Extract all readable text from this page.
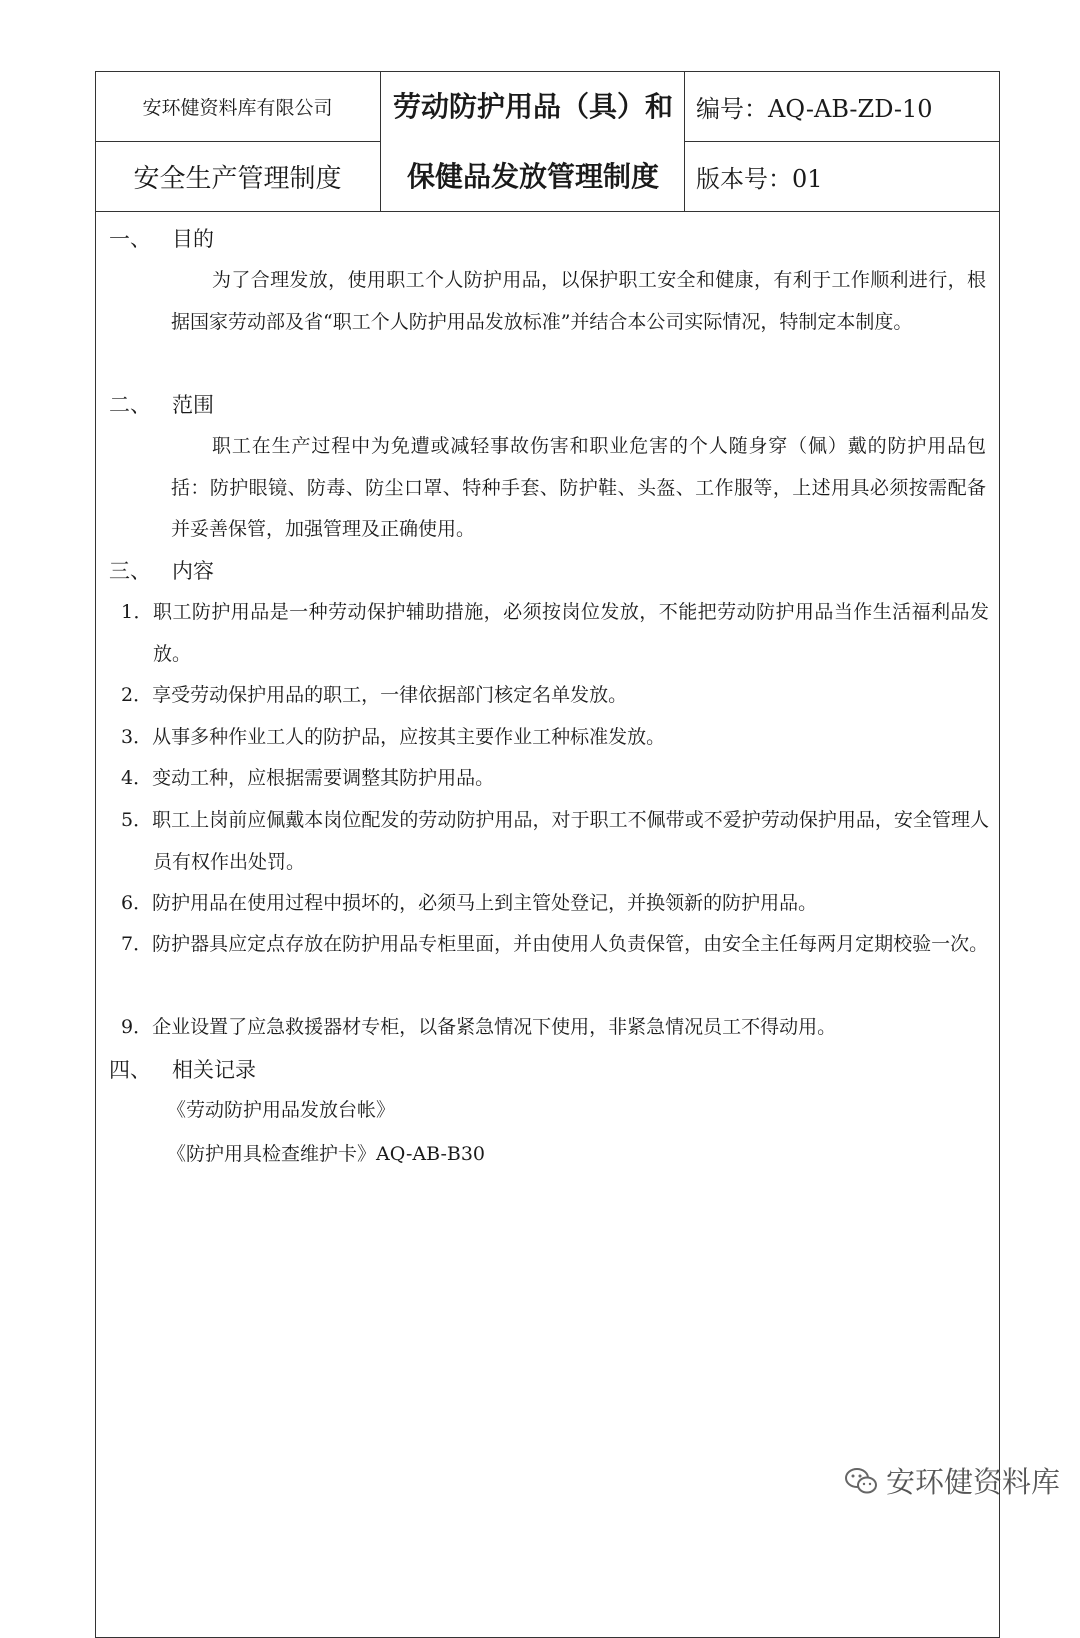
安环健资料库有限公司
安全生产管理制度
劳动防护用品（具）和
保健品发放管理制度
编号：AQ-AB-ZD-10
版本号：01
一、 目的
为了合理发放，使用职工个人防护用品，以保护职工安全和健康，有利于工作顺利进行，根据国家劳动部及省“职工个人防护用品发放标准”并结合本公司实际情况，特制定本制度。
二、 范围
职工在生产过程中为免遭或减轻事故伤害和职业危害的个人随身穿（佩）戴的防护用品包括：防护眼镜、防毒、防尘口罩、特种手套、防护鞋、头盔、工作服等，上述用具必须按需配备并妥善保管，加强管理及正确使用。
三、 内容
1．职工防护用品是一种劳动保护辅助措施，必须按岗位发放，不能把劳动防护用品当作生活福利品发放。
2．享受劳动保护用品的职工，一律依据部门核定名单发放。
3．从事多种作业工人的防护品，应按其主要作业工种标准发放。
4．变动工种，应根据需要调整其防护用品。
5．职工上岗前应佩戴本岗位配发的劳动防护用品，对于职工不佩带或不爱护劳动保护用品，安全管理人员有权作出处罚。
6．防护用品在使用过程中损坏的，必须马上到主管处登记，并换领新的防护用品。
7．防护器具应定点存放在防护用品专柜里面，并由使用人负责保管，由安全主任每两月定期校验一次。
9．企业设置了应急救援器材专柜，以备紧急情况下使用，非紧急情况员工不得动用。
四、 相关记录
《劳动防护用品发放台帐》
《防护用具检查维护卡》AQ-AB-B30
安环健资料库
